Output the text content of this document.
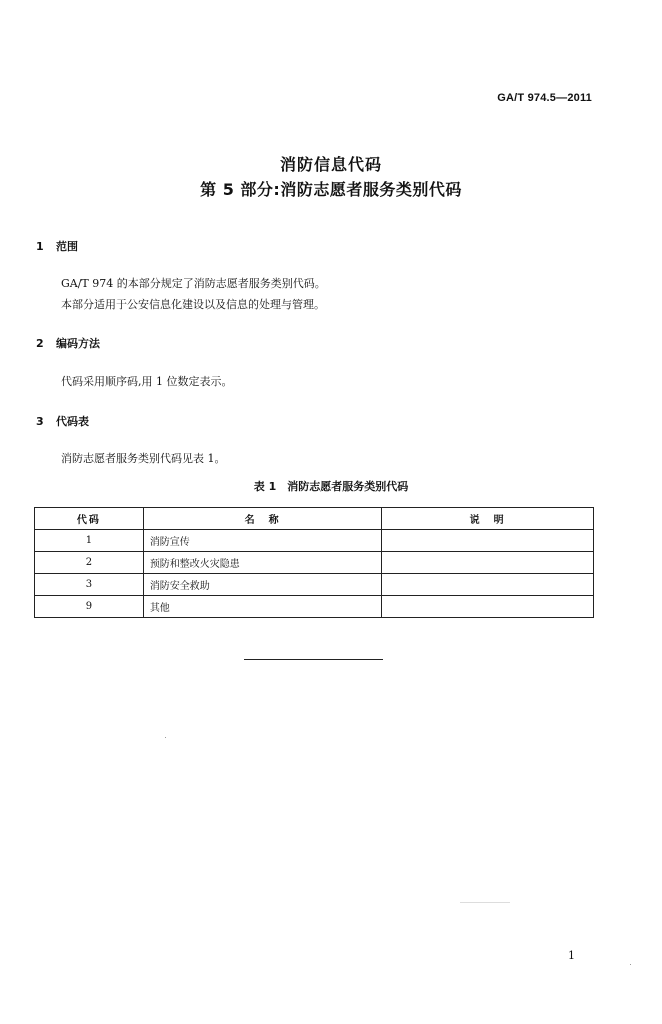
GA/T 974.5—2011
消防信息代码
第 5 部分:消防志愿者服务类别代码
1 范围
GA/T 974 的本部分规定了消防志愿者服务类别代码。
本部分适用于公安信息化建设以及信息的处理与管理。
2 编码方法
代码采用顺序码,用 1 位数定表示。
3 代码表
消防志愿者服务类别代码见表 1。
表 1　消防志愿者服务类别代码
代码	名　称	说　明
1	消防宣传	
2	预防和整改火灾隐患	
3	消防安全救助	
9	其他	
1
